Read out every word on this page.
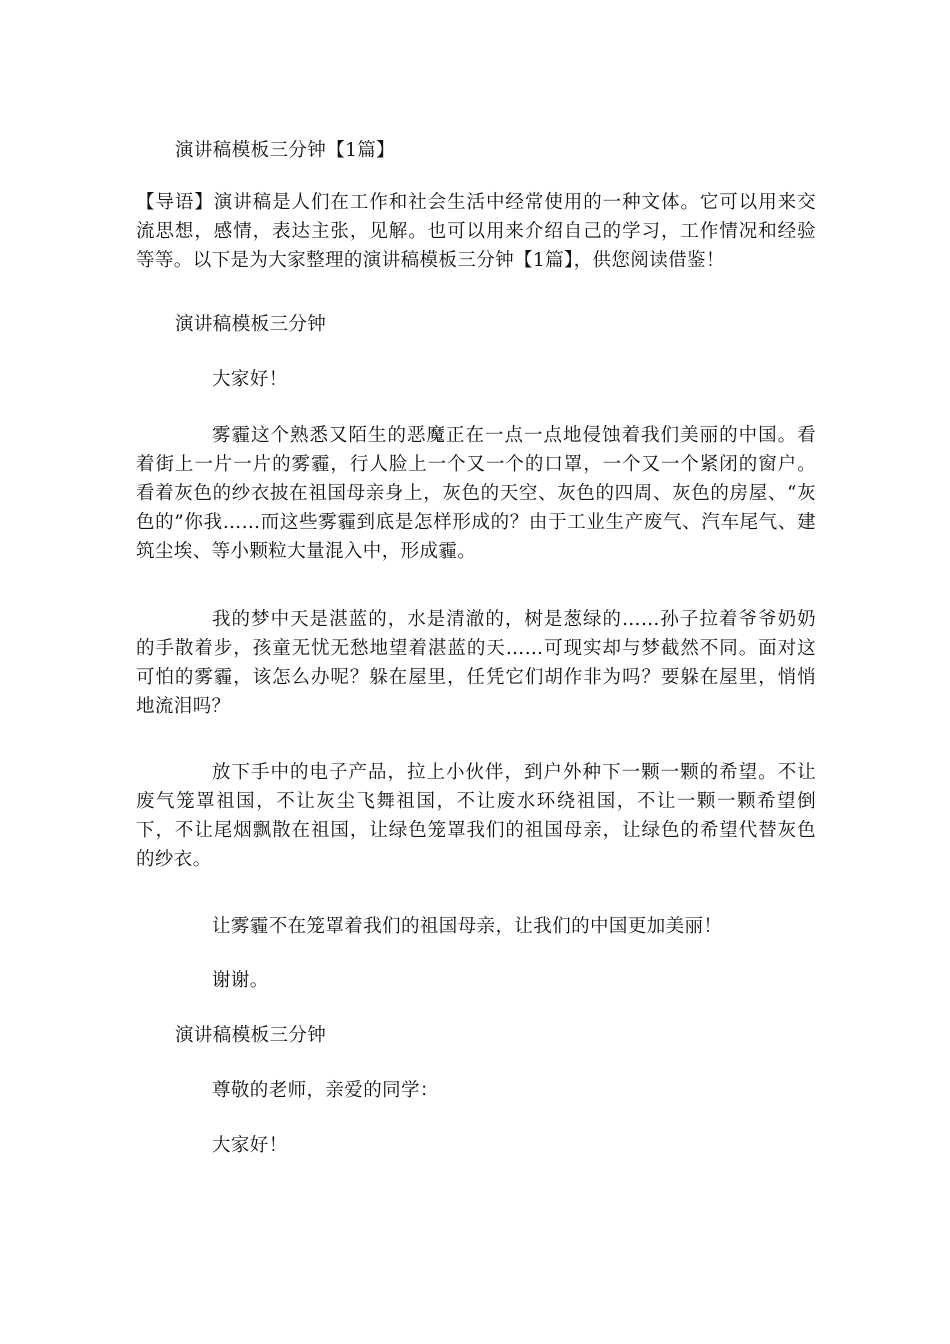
演讲稿模板三分钟【1篇】

【导语】演讲稿是人们在工作和社会生活中经常使用的一种文体。它可以用来交流思想，感情，表达主张，见解。也可以用来介绍自己的学习，工作情况和经验等等。以下是为大家整理的演讲稿模板三分钟【1篇】，供您阅读借鉴！

演讲稿模板三分钟

大家好！

雾霾这个熟悉又陌生的恶魔正在一点一点地侵蚀着我们美丽的中国。看着街上一片一片的雾霾，行人脸上一个又一个的口罩，一个又一个紧闭的窗户。看着灰色的纱衣披在祖国母亲身上，灰色的天空、灰色的四周、灰色的房屋、“灰色的”你我……而这些雾霾到底是怎样形成的？由于工业生产废气、汽车尾气、建筑尘埃、等小颗粒大量混入中，形成霾。

我的梦中天是湛蓝的，水是清澈的，树是葱绿的……孙子拉着爷爷奶奶的手散着步，孩童无忧无愁地望着湛蓝的天……可现实却与梦截然不同。面对这可怕的雾霾，该怎么办呢？躲在屋里，任凭它们胡作非为吗？要躲在屋里，悄悄地流泪吗？

放下手中的电子产品，拉上小伙伴，到户外种下一颗一颗的希望。不让废气笼罩祖国，不让灰尘飞舞祖国，不让废水环绕祖国，不让一颗一颗希望倒下，不让尾烟飘散在祖国，让绿色笼罩我们的祖国母亲，让绿色的希望代替灰色的纱衣。

让雾霾不在笼罩着我们的祖国母亲，让我们的中国更加美丽！

谢谢。

演讲稿模板三分钟

尊敬的老师，亲爱的同学：

大家好！
